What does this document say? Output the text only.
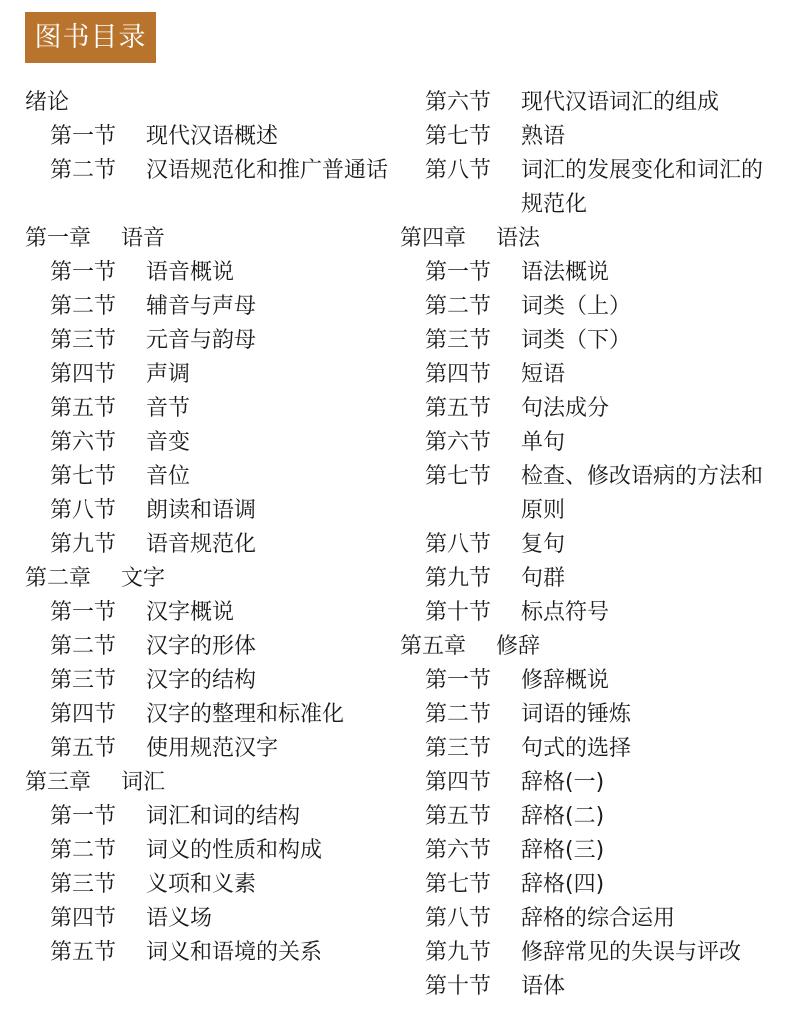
图书目录
绪论
第一节	现代汉语概述
第二节	汉语规范化和推广普通话
第一章	语音
第一节	语音概说
第二节	辅音与声母
第三节	元音与韵母
第四节	声调
第五节	音节
第六节	音变
第七节	音位
第八节	朗读和语调
第九节	语音规范化
第二章	文字
第一节	汉字概说
第二节	汉字的形体
第三节	汉字的结构
第四节	汉字的整理和标准化
第五节	使用规范汉字
第三章	词汇
第一节	词汇和词的结构
第二节	词义的性质和构成
第三节	义项和义素
第四节	语义场
第五节	词义和语境的关系
第六节	现代汉语词汇的组成
第七节	熟语
第八节	词汇的发展变化和词汇的规范化
第四章	语法
第一节	语法概说
第二节	词类（上）
第三节	词类（下）
第四节	短语
第五节	句法成分
第六节	单句
第七节	检查、修改语病的方法和原则
第八节	复句
第九节	句群
第十节	标点符号
第五章	修辞
第一节	修辞概说
第二节	词语的锤炼
第三节	句式的选择
第四节	辞格(一)
第五节	辞格(二)
第六节	辞格(三)
第七节	辞格(四)
第八节	辞格的综合运用
第九节	修辞常见的失误与评改
第十节	语体
